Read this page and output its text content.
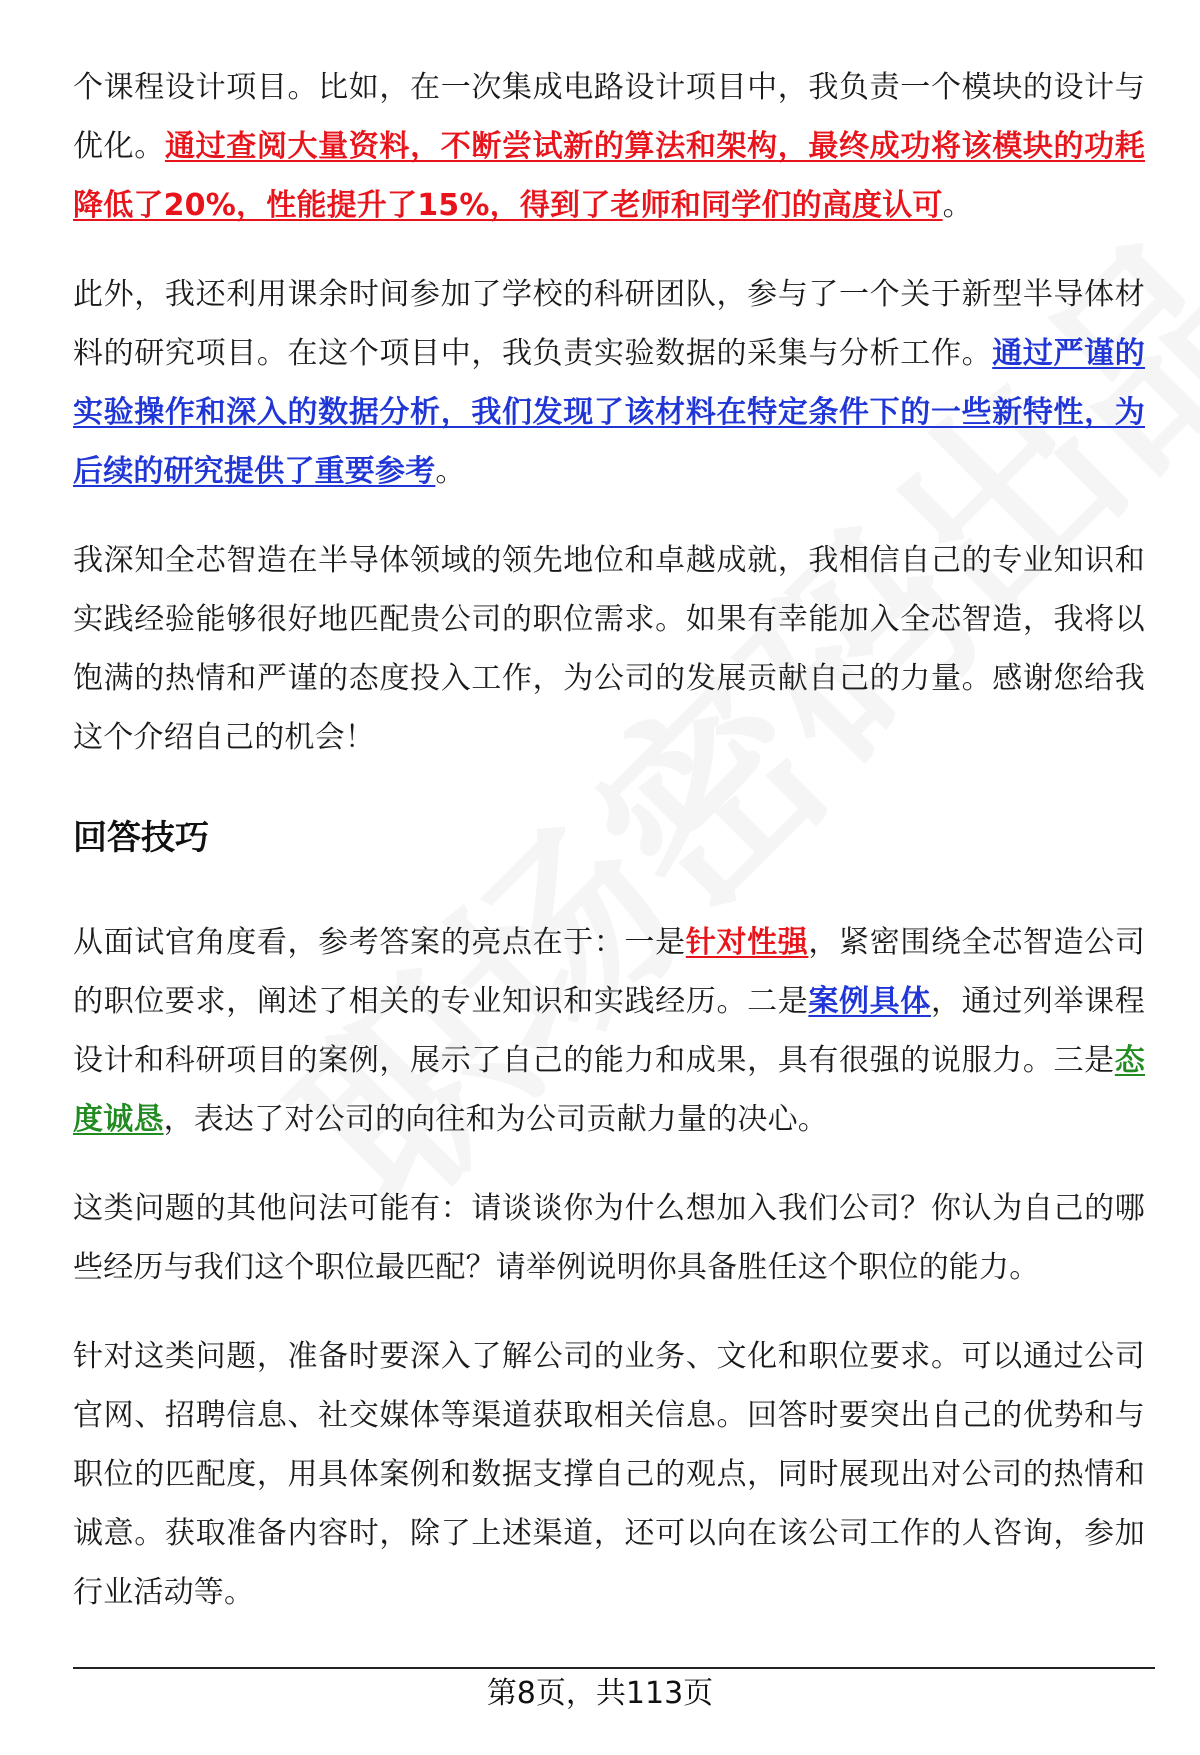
个课程设计项目。比如，在一次集成电路设计项目中，我负责一个模块的设计与优化。通过查阅大量资料，不断尝试新的算法和架构，最终成功将该模块的功耗降低了20%，性能提升了15%，得到了老师和同学们的高度认可。

此外，我还利用课余时间参加了学校的科研团队，参与了一个关于新型半导体材料的研究项目。在这个项目中，我负责实验数据的采集与分析工作。通过严谨的实验操作和深入的数据分析，我们发现了该材料在特定条件下的一些新特性，为后续的研究提供了重要参考。

我深知全芯智造在半导体领域的领先地位和卓越成就，我相信自己的专业知识和实践经验能够很好地匹配贵公司的职位需求。如果有幸能加入全芯智造，我将以饱满的热情和严谨的态度投入工作，为公司的发展贡献自己的力量。感谢您给我这个介绍自己的机会！

回答技巧

从面试官角度看，参考答案的亮点在于：一是针对性强，紧密围绕全芯智造公司的职位要求，阐述了相关的专业知识和实践经历。二是案例具体，通过列举课程设计和科研项目的案例，展示了自己的能力和成果，具有很强的说服力。三是态度诚恳，表达了对公司的向往和为公司贡献力量的决心。

这类问题的其他问法可能有：请谈谈你为什么想加入我们公司？你认为自己的哪些经历与我们这个职位最匹配？请举例说明你具备胜任这个职位的能力。

针对这类问题，准备时要深入了解公司的业务、文化和职位要求。可以通过公司官网、招聘信息、社交媒体等渠道获取相关信息。回答时要突出自己的优势和与职位的匹配度，用具体案例和数据支撑自己的观点，同时展现出对公司的热情和诚意。获取准备内容时，除了上述渠道，还可以向在该公司工作的人咨询，参加行业活动等。

第8页，共113页
